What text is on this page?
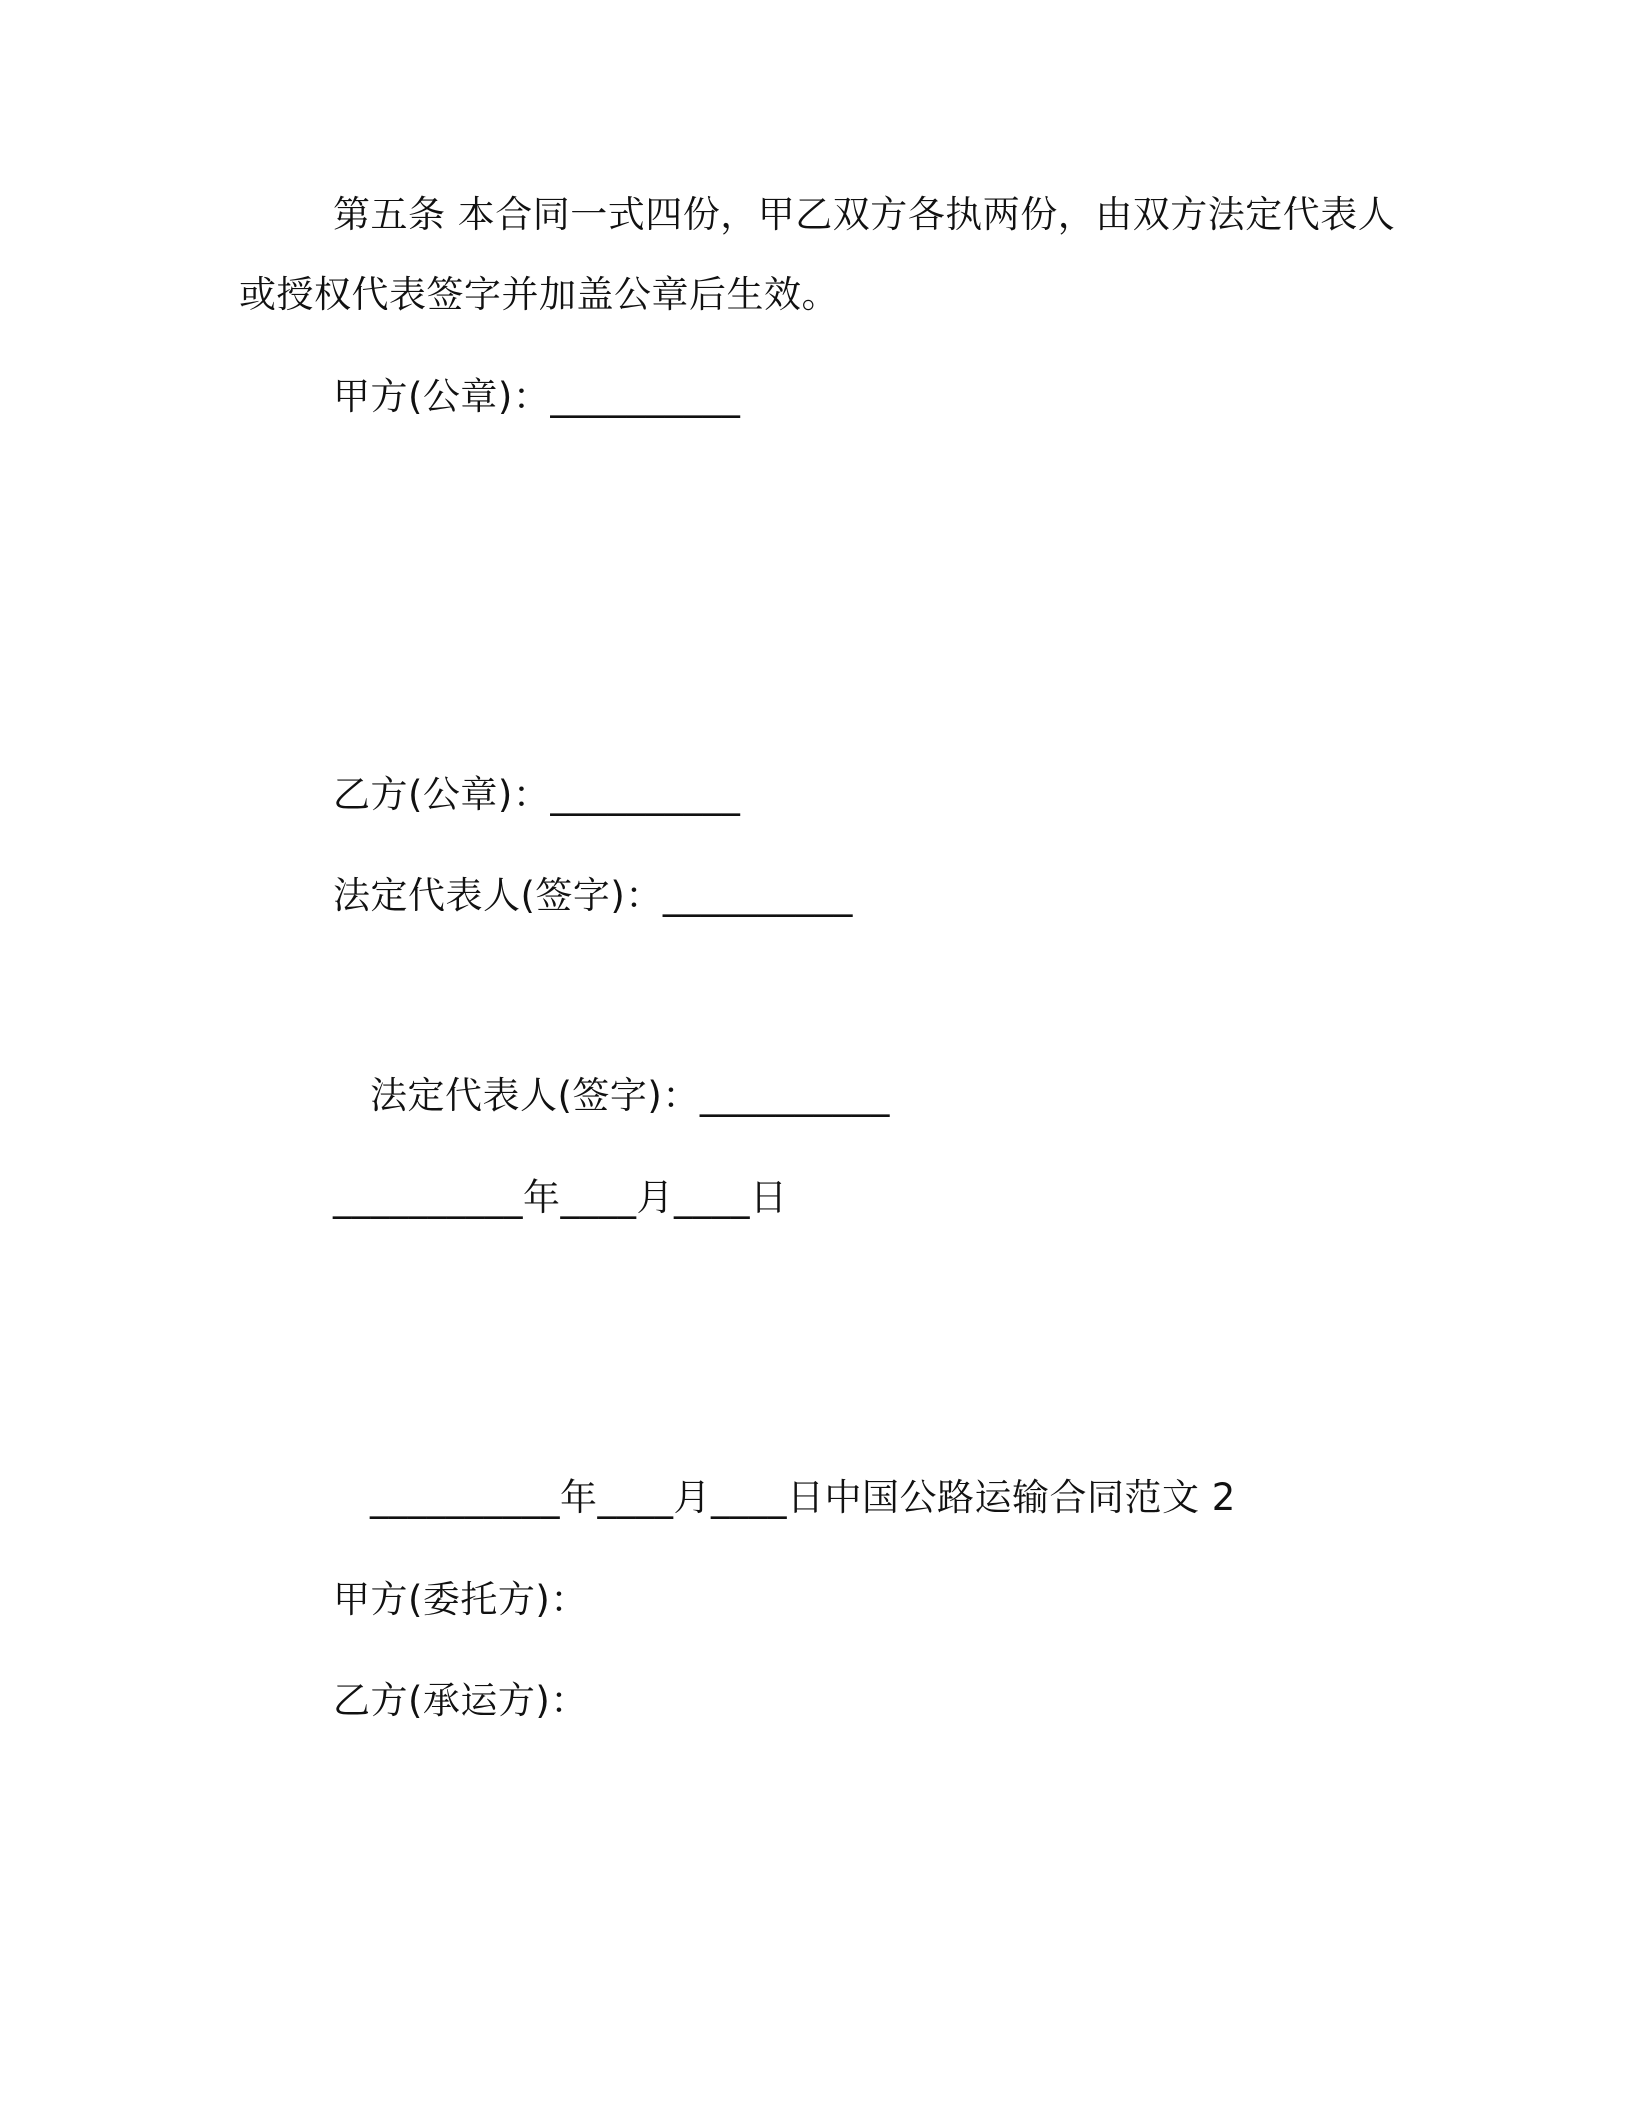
第五条 本合同一式四份，甲乙双方各执两份，由双方法定代表人
或授权代表签字并加盖公章后生效。
甲方(公章)：__________
乙方(公章)：__________
法定代表人(签字)：__________
法定代表人(签字)：__________
__________年____月____日
__________年____月____日中国公路运输合同范文 2
甲方(委托方)：
乙方(承运方)：
